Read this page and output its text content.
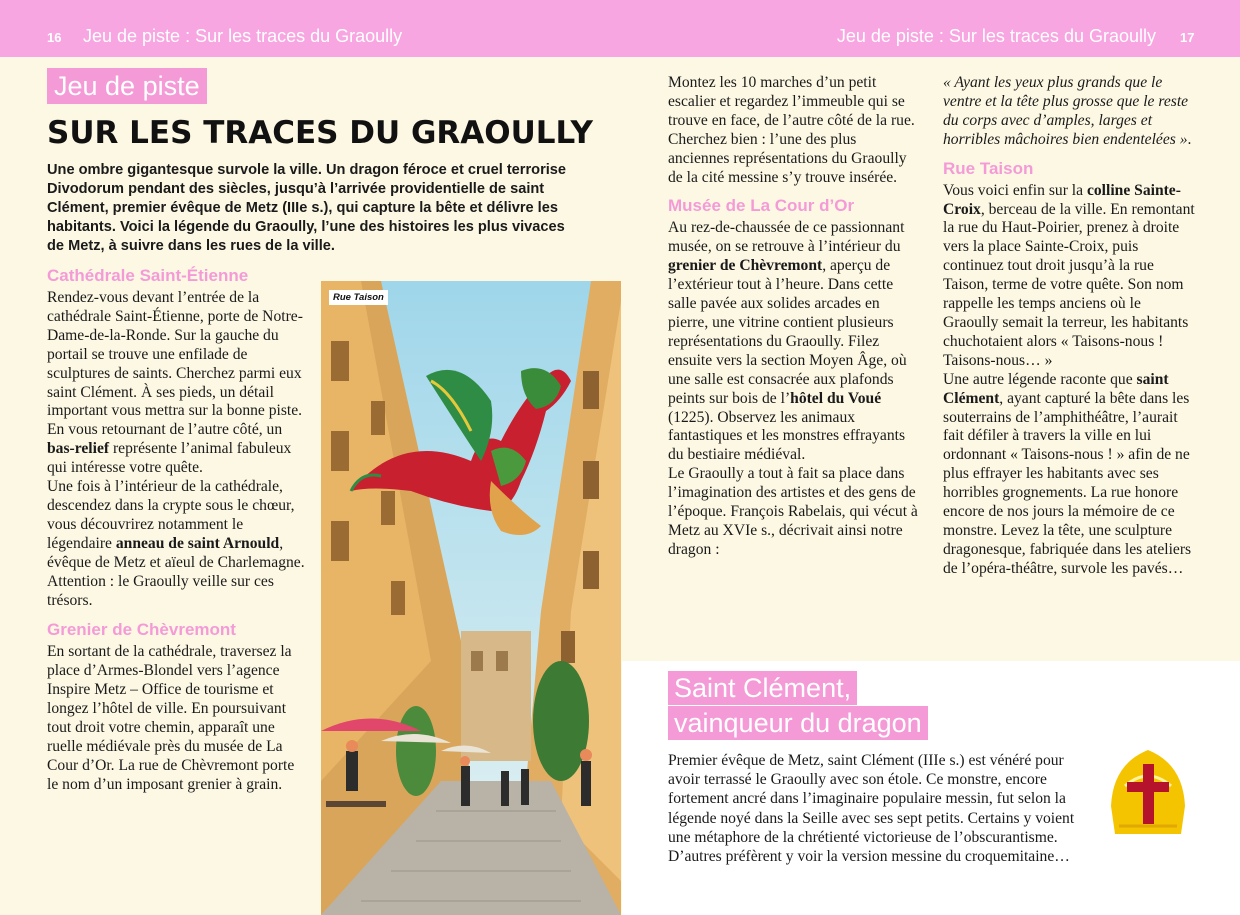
16 Jeu de piste : Sur les traces du Graoully	Jeu de piste : Sur les traces du Graoully 17
Jeu de piste
SUR LES TRACES DU GRAOULLY

Une ombre gigantesque survole la ville. Un dragon féroce et cruel terrorise Divodorum pendant des siècles, jusqu’à l’arrivée providentielle de saint Clément, premier évêque de Metz (IIIe s.), qui capture la bête et délivre les habitants. Voici la légende du Graoully, l’une des histoires les plus vivaces de Metz, à suivre dans les rues de la ville.

Cathédrale Saint-Étienne

Rendez-vous devant l’entrée de la cathédrale Saint-Étienne, porte de Notre-Dame-de-la-Ronde. Sur la gauche du portail se trouve une enfilade de sculptures de saints. Cherchez parmi eux saint Clément. À ses pieds, un détail important vous mettra sur la bonne piste. En vous retournant de l’autre côté, un bas-relief représente l’animal fabuleux qui intéresse votre quête.

Une fois à l’intérieur de la cathédrale, descendez dans la crypte sous le chœur, vous découvrirez notamment le légendaire anneau de saint Arnould, évêque de Metz et aïeul de Charlemagne. Attention : le Graoully veille sur ces trésors.

Grenier de Chèvremont

En sortant de la cathédrale, traversez la place d’Armes-Blondel vers l’agence Inspire Metz – Office de tourisme et longez l’hôtel de ville. En poursuivant tout droit votre chemin, apparaît une ruelle médiévale près du musée de La Cour d’Or. La rue de Chèvremont porte le nom d’un imposant grenier à grain.

Rue Taison

Montez les 10 marches d’un petit escalier et regardez l’immeuble qui se trouve en face, de l’autre côté de la rue. Cherchez bien : l’une des plus anciennes représentations du Graoully de la cité messine s’y trouve insérée.

Musée de La Cour d’Or

Au rez-de-chaussée de ce passionnant musée, on se retrouve à l’intérieur du grenier de Chèvremont, aperçu de l’extérieur tout à l’heure. Dans cette salle pavée aux solides arcades en pierre, une vitrine contient plusieurs représentations du Graoully. Filez ensuite vers la section Moyen Âge, où une salle est consacrée aux plafonds peints sur bois de l’hôtel du Voué (1225). Observez les animaux fantastiques et les monstres effrayants du bestiaire médiéval.

Le Graoully a tout à fait sa place dans l’imagination des artistes et des gens de l’époque. François Rabelais, qui vécut à Metz au XVIe s., décrivait ainsi notre dragon :

« Ayant les yeux plus grands que le ventre et la tête plus grosse que le reste du corps avec d’amples, larges et horribles mâchoires bien endentelées ».

Rue Taison

Vous voici enfin sur la colline Sainte-Croix, berceau de la ville. En remontant la rue du Haut-Poirier, prenez à droite vers la place Sainte-Croix, puis continuez tout droit jusqu’à la rue Taison, terme de votre quête. Son nom rappelle les temps anciens où le Graoully semait la terreur, les habitants chuchotaient alors « Taisons-nous ! Taisons-nous… »

Une autre légende raconte que saint Clément, ayant capturé la bête dans les souterrains de l’amphithéâtre, l’aurait fait défiler à travers la ville en lui ordonnant « Taisons-nous ! » afin de ne plus effrayer les habitants avec ses horribles grognements. La rue honore encore de nos jours la mémoire de ce monstre. Levez la tête, une sculpture dragonesque, fabriquée dans les ateliers de l’opéra-théâtre, survole les pavés…

Saint Clément,
vainqueur du dragon

Premier évêque de Metz, saint Clément (IIIe s.) est vénéré pour avoir terrassé le Graoully avec son étole. Ce monstre, encore fortement ancré dans l’imaginaire populaire messin, fut selon la légende noyé dans la Seille avec ses sept petits. Certains y voient une métaphore de la chrétienté victorieuse de l’obscurantisme. D’autres préfèrent y voir la version messine du croquemitaine…
